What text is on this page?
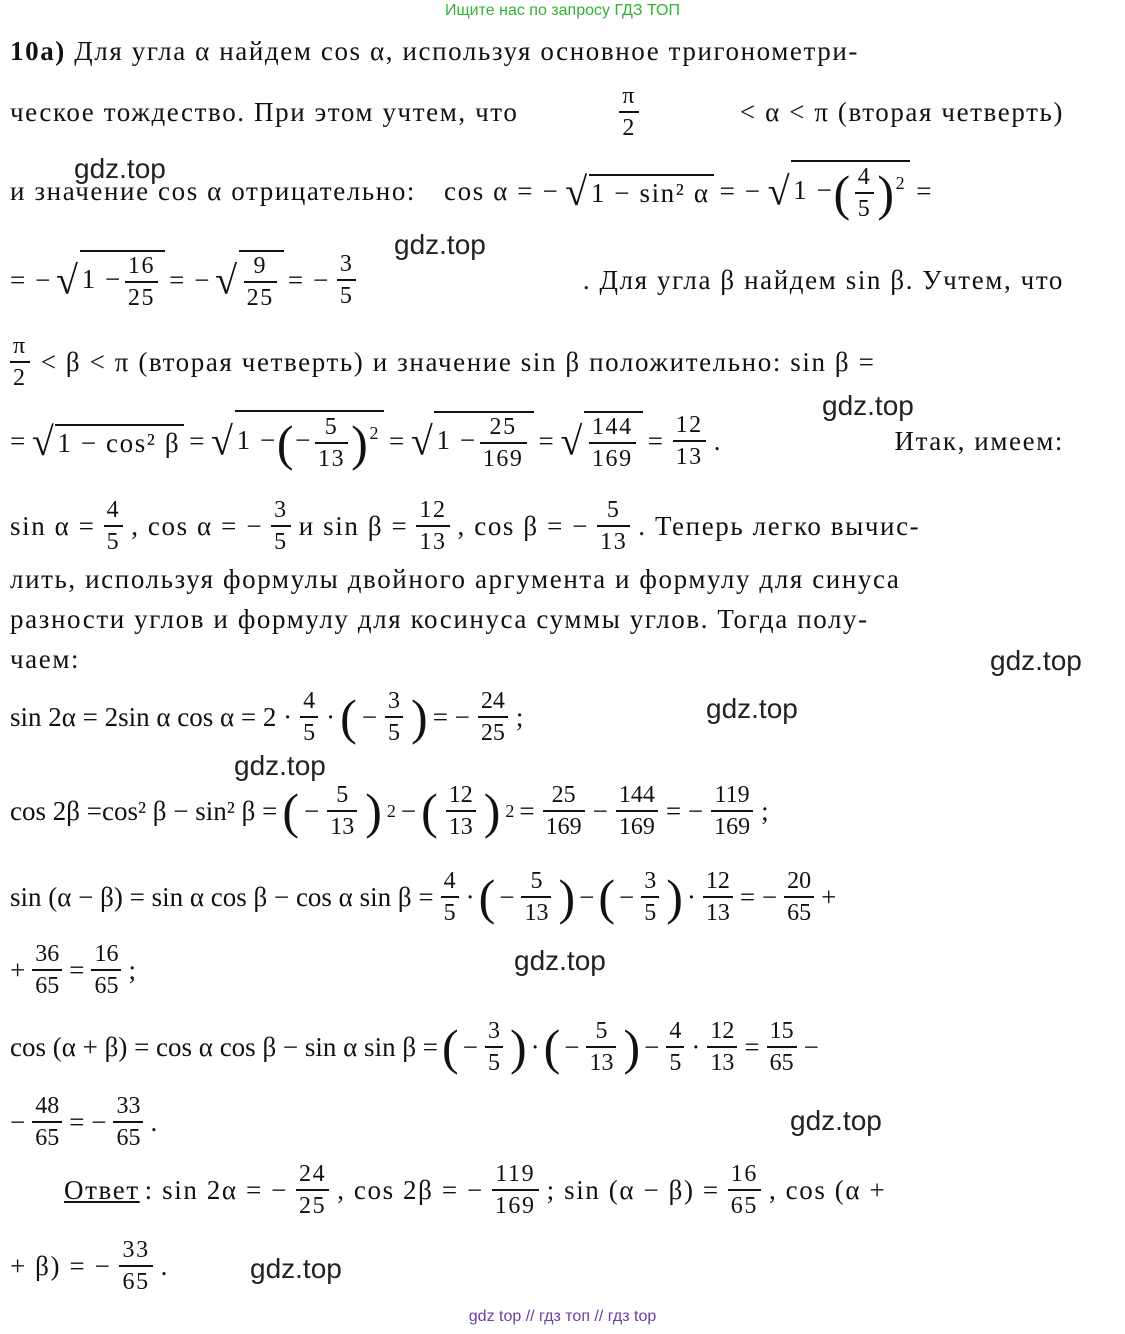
Ищите нас по запросу ГДЗ ТОП
gdz.top
gdz.top
gdz.top
gdz.top
gdz.top
gdz.top
gdz.top
gdz.top
gdz.top
10а) Для угла α найдем cos α, используя основное тригонометри-
ческое тождество. При этом учтем, что	$\frac{\pi}{2}$	< α < π (вторая четверть)
и значение cos α отрицательно: cos α = − √1 − sin² α = − √1 −( $\frac{4}{5} )^2$ =
= − $√1 - \frac{16}{25}$ = − √ $\frac{9}{25}$ = − $\frac{3}{5}$	. Для угла β найдем sin β. Учтем, что
$\frac{\pi}{2} < \beta < \pi$ (вторая четверть) и значение sin β положительно: sin β =
= √1 − cos² β = √1 −(− $\frac{5}{13} )^2 = √1 - \frac{25}{169}$ = √ $\frac{144}{169} = \frac{12}{13}$ .	Итак, имеем:
$\sin \alpha = \frac{4}{5}$ , cos α = − $\frac{3}{5}$ и $\sin \beta = \frac{12}{13}$ , cos β = − $\frac{5}{13}$ . Теперь легко вычис-
лить, используя формулы двойного аргумента и формулу для синуса
разности углов и формулу для косинуса суммы углов. Тогда полу-
чаем:
sin 2α = 2sin α $\cos \alpha = 2 \cdot \frac{4}{5}$ · ( − $\frac{3}{5}$ ) = − $\frac{24}{25}$ ;
cos 2β =cos² β − sin² β = ( − $\frac{5}{13}$ ) 2 − ( $\frac{12}{13}$ ) $2 = \frac{25}{169} - \frac{144}{169}$ = − $\frac{119}{169}$ ;
sin (α − β) = sin α cos β − cos α $\sin \beta = \frac{4}{5}$ · ( − $\frac{5}{13}$ ) − ( − $\frac{3}{5}$ ) · $\frac{12}{13}$ = − $\frac{20}{65}$ +
+ $\frac{36}{65} = \frac{16}{65}$ ;
cos (α + β) = cos α cos β − sin α sin β = ( − $\frac{3}{5}$ ) · ( − $\frac{5}{13}$ ) − $\frac{4}{5} \cdot \frac{12}{13} = \frac{15}{65}$ −
− $\frac{48}{65}$ = − $\frac{33}{65}$ .
Ответ : sin 2α = − $\frac{24}{25}$ , cos 2β = − $\frac{119}{169}$ ; $\sin (\alpha - \beta) = \frac{16}{65}$ , cos (α +
+ β) = − $\frac{33}{65}$ .
gdz top // гдз топ // гдз top
